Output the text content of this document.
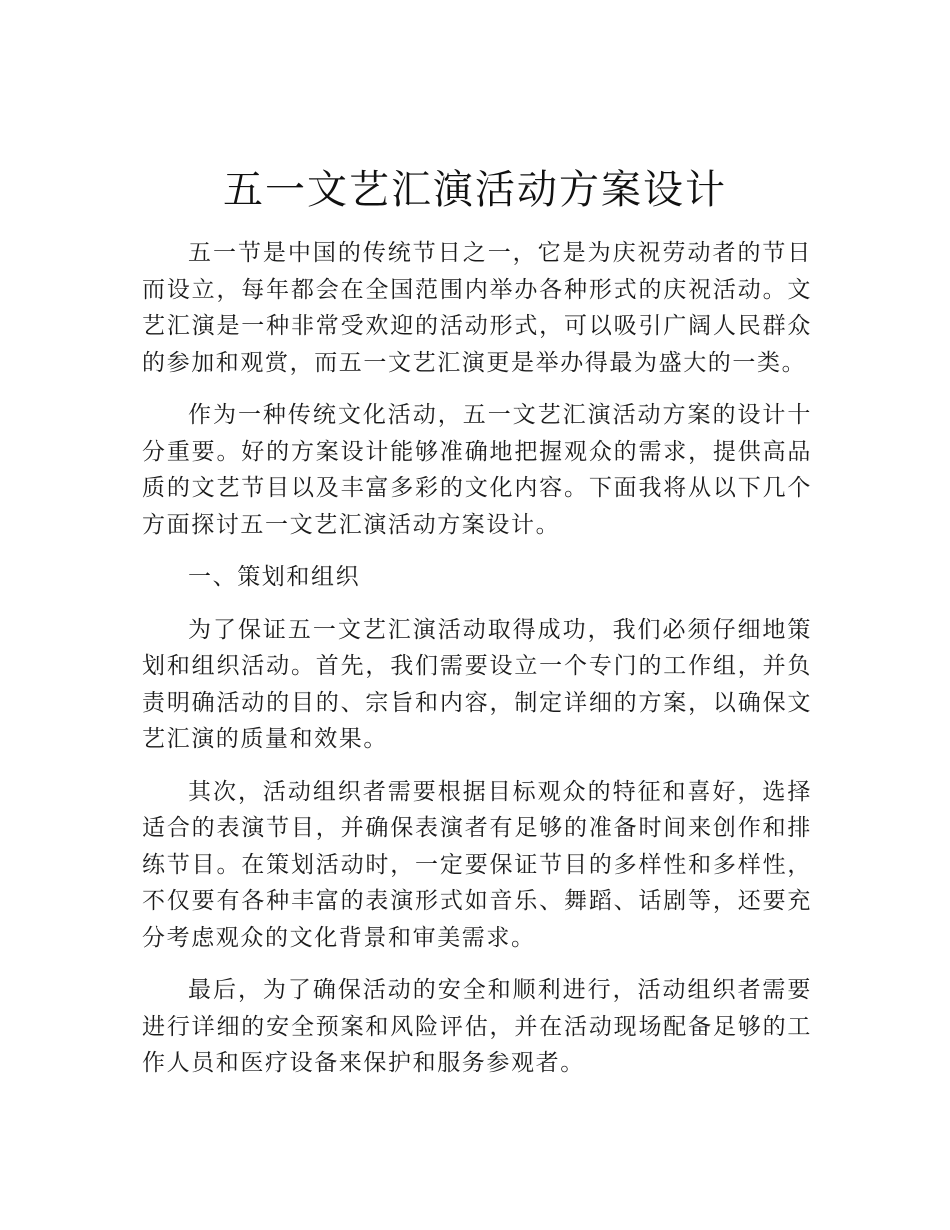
五一文艺汇演活动方案设计

五一节是中国的传统节日之一，它是为庆祝劳动者的节日而设立，每年都会在全国范围内举办各种形式的庆祝活动。文艺汇演是一种非常受欢迎的活动形式，可以吸引广阔人民群众的参加和观赏，而五一文艺汇演更是举办得最为盛大的一类。

作为一种传统文化活动，五一文艺汇演活动方案的设计十分重要。好的方案设计能够准确地把握观众的需求，提供高品质的文艺节目以及丰富多彩的文化内容。下面我将从以下几个方面探讨五一文艺汇演活动方案设计。

一、策划和组织

为了保证五一文艺汇演活动取得成功，我们必须仔细地策划和组织活动。首先，我们需要设立一个专门的工作组，并负责明确活动的目的、宗旨和内容，制定详细的方案，以确保文艺汇演的质量和效果。

其次，活动组织者需要根据目标观众的特征和喜好，选择适合的表演节目，并确保表演者有足够的准备时间来创作和排练节目。在策划活动时，一定要保证节目的多样性和多样性，不仅要有各种丰富的表演形式如音乐、舞蹈、话剧等，还要充分考虑观众的文化背景和审美需求。

最后，为了确保活动的安全和顺利进行，活动组织者需要进行详细的安全预案和风险评估，并在活动现场配备足够的工作人员和医疗设备来保护和服务参观者。
